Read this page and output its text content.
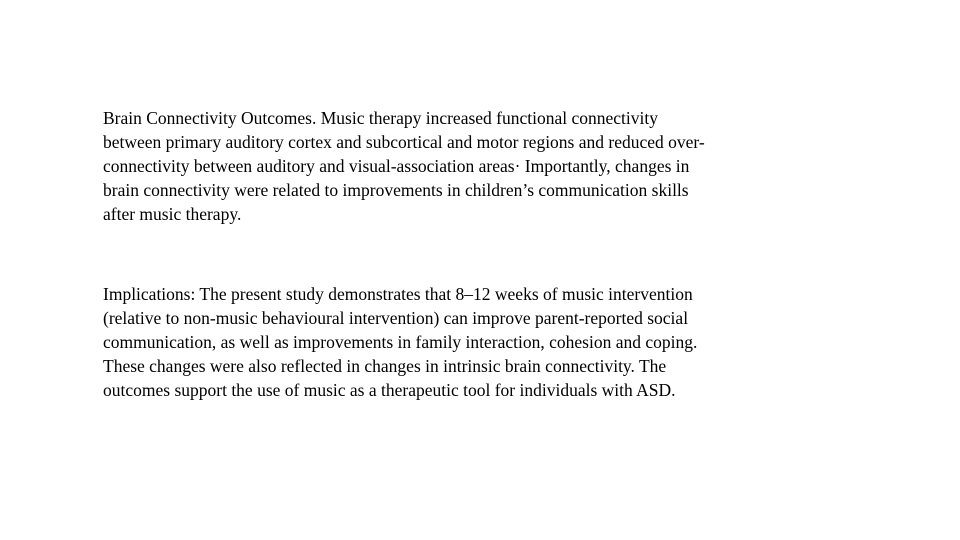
Brain Connectivity Outcomes. Music therapy increased functional connectivity
between primary auditory cortex and subcortical and motor regions and reduced over-
connectivity between auditory and visual-association areas· Importantly, changes in
brain connectivity were related to improvements in children’s communication skills
after music therapy.
Implications: The present study demonstrates that 8–12 weeks of music intervention
(relative to non-music behavioural intervention) can improve parent-reported social
communication, as well as improvements in family interaction, cohesion and coping.
These changes were also reflected in changes in intrinsic brain connectivity. The
outcomes support the use of music as a therapeutic tool for individuals with ASD.
